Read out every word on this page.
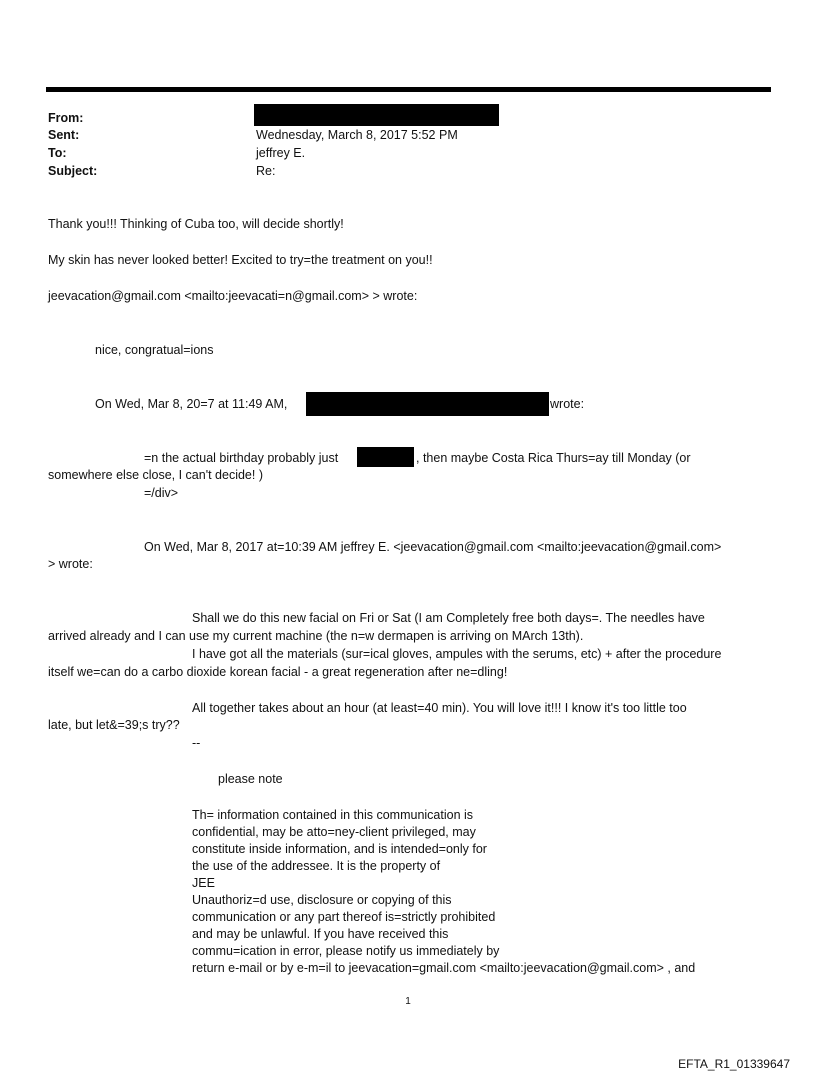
From:
Sent:
To:
Subject:
Wednesday, March 8, 2017 5:52 PM
jeffrey E.
Re:
Thank you!!! Thinking of Cuba too, will decide shortly!
My skin has never looked better! Excited to try=the treatment on you!!
jeevacation@gmail.com <mailto:jeevacati=n@gmail.com> > wrote:
nice, congratual=ions
On Wed, Mar 8, 20=7 at 11:49 AM,	wrote:
=n the actual birthday probably just	, then maybe Costa Rica Thurs=ay till Monday (or
somewhere else close, I can't decide! )
=/div>
On Wed, Mar 8, 2017 at=10:39 AM jeffrey E. <jeevacation@gmail.com <mailto:jeevacation@gmail.com>
> wrote:
Shall we do this new facial on Fri or Sat (I am Completely free both days=. The needles have
arrived already and I can use my current machine (the n=w dermapen is arriving on MArch 13th).
I have got all the materials (sur=ical gloves, ampules with the serums, etc) + after the procedure
itself we=can do a carbo dioxide korean facial - a great regeneration after ne=dling!
All together takes about an hour (at least=40 min). You will love it!!! I know it's too little too
late, but let&=39;s try??
--
please note

Th= information contained in this communication is

confidential, may be atto=ney-client privileged, may

constitute inside information, and is intended=only for

the use of the addressee. It is the property of

JEE

Unauthoriz=d use, disclosure or copying of this

communication or any part thereof is=strictly prohibited

and may be unlawful. If you have received this

commu=ication in error, please notify us immediately by

return e-mail or by e-m=il to jeevacation=gmail.com <mailto:jeevacation@gmail.com> , and

1
EFTA_R1_01339647
